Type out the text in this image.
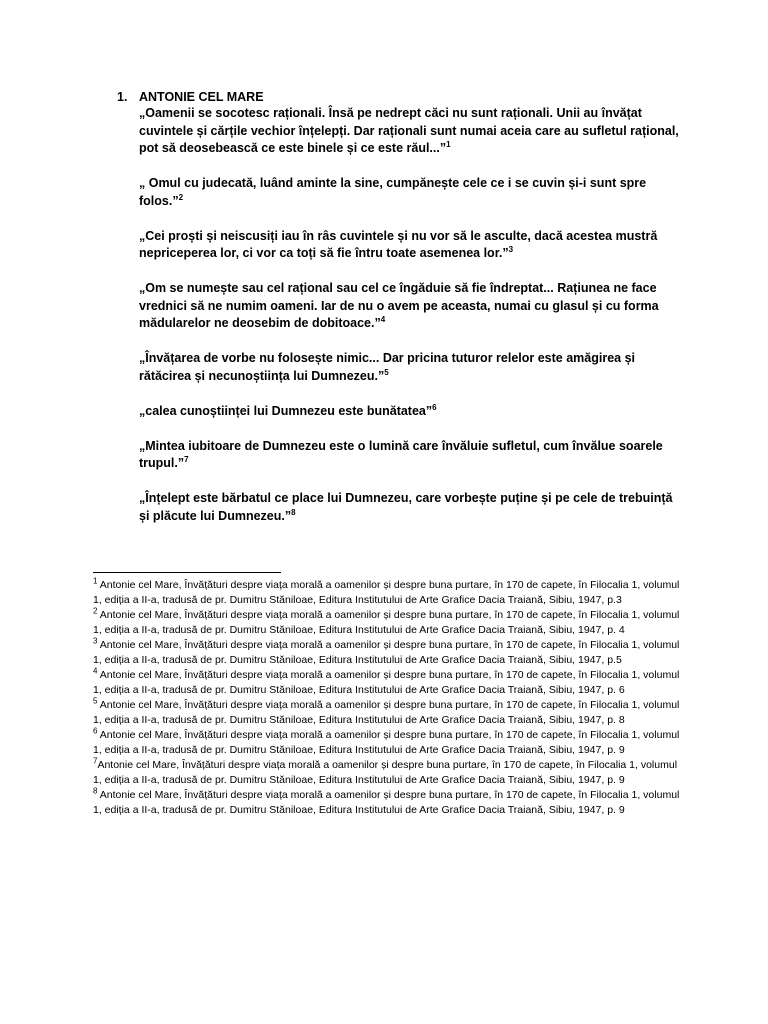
1. ANTONIE CEL MARE

„Oamenii se socotesc raționali. Însă pe nedrept căci nu sunt raționali. Unii au învățat cuvintele și cărțile vechior înțelepți. Dar raționali sunt numai aceia care au sufletul rațional, pot să deosebească ce este binele și ce este răul...”$^1$

„ Omul cu judecată, luând aminte la sine, cumpănește cele ce i se cuvin și-i sunt spre folos.”$^2$

„Cei proști și neiscusiți iau în râs cuvintele și nu vor să le asculte, dacă acestea mustră nepriceperea lor, ci vor ca toți să fie întru toate asemenea lor.”$^3$

„Om se numește sau cel rațional sau cel ce îngăduie să fie îndreptat... Rațiunea ne face vrednici să ne numim oameni. Iar de nu o avem pe aceasta, numai cu glasul și cu forma mădularelor ne deosebim de dobitoace.”$^4$

„Învățarea de vorbe nu folosește nimic... Dar pricina tuturor relelor este amăgirea și rătăcirea și necunoștiința lui Dumnezeu.”$^5$

„calea cunoștiinței lui Dumnezeu este bunătatea”$^6$

„Mintea iubitoare de Dumnezeu este o lumină care învăluie sufletul, cum învălue soarele trupul.”$^7$

„Înțelept este bărbatul ce place lui Dumnezeu, care vorbește puține și pe cele de trebuință și plăcute lui Dumnezeu.”$^8$

$^1$ Antonie cel Mare, Învățături despre viața morală a oamenilor și despre buna purtare, în 170 de capete, în Filocalia 1, volumul 1, ediția a II-a, tradusă de pr. Dumitru Stăniloae, Editura Institutului de Arte Grafice Dacia Traiană, Sibiu, 1947, p.3

$^2$ Antonie cel Mare, Învățături despre viața morală a oamenilor și despre buna purtare, în 170 de capete, în Filocalia 1, volumul 1, ediția a II-a, tradusă de pr. Dumitru Stăniloae, Editura Institutului de Arte Grafice Dacia Traiană, Sibiu, 1947, p. 4

$^3$ Antonie cel Mare, Învățături despre viața morală a oamenilor și despre buna purtare, în 170 de capete, în Filocalia 1, volumul 1, ediția a II-a, tradusă de pr. Dumitru Stăniloae, Editura Institutului de Arte Grafice Dacia Traiană, Sibiu, 1947, p.5

$^4$ Antonie cel Mare, Învățături despre viața morală a oamenilor și despre buna purtare, în 170 de capete, în Filocalia 1, volumul 1, ediția a II-a, tradusă de pr. Dumitru Stăniloae, Editura Institutului de Arte Grafice Dacia Traiană, Sibiu, 1947, p. 6

$^5$ Antonie cel Mare, Învățături despre viața morală a oamenilor și despre buna purtare, în 170 de capete, în Filocalia 1, volumul 1, ediția a II-a, tradusă de pr. Dumitru Stăniloae, Editura Institutului de Arte Grafice Dacia Traiană, Sibiu, 1947, p. 8

$^6$ Antonie cel Mare, Învățături despre viața morală a oamenilor și despre buna purtare, în 170 de capete, în Filocalia 1, volumul 1, ediția a II-a, tradusă de pr. Dumitru Stăniloae, Editura Institutului de Arte Grafice Dacia Traiană, Sibiu, 1947, p. 9

$^7$Antonie cel Mare, Învățături despre viața morală a oamenilor și despre buna purtare, în 170 de capete, în Filocalia 1, volumul 1, ediția a II-a, tradusă de pr. Dumitru Stăniloae, Editura Institutului de Arte Grafice Dacia Traiană, Sibiu, 1947, p. 9

$^8$ Antonie cel Mare, Învățături despre viața morală a oamenilor și despre buna purtare, în 170 de capete, în Filocalia 1, volumul 1, ediția a II-a, tradusă de pr. Dumitru Stăniloae, Editura Institutului de Arte Grafice Dacia Traiană, Sibiu, 1947, p. 9
